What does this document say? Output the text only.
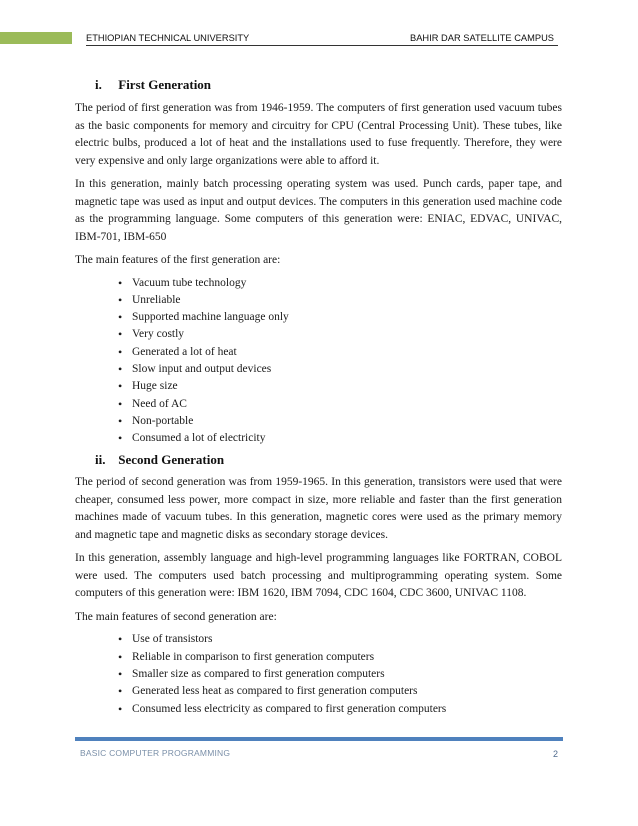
ETHIOPIAN TECHNICAL UNIVERSITY	BAHIR DAR SATELLITE CAMPUS
i. First Generation

The period of first generation was from 1946-1959. The computers of first generation used vacuum tubes as the basic components for memory and circuitry for CPU (Central Processing Unit). These tubes, like electric bulbs, produced a lot of heat and the installations used to fuse frequently. Therefore, they were very expensive and only large organizations were able to afford it.

In this generation, mainly batch processing operating system was used. Punch cards, paper tape, and magnetic tape was used as input and output devices. The computers in this generation used machine code as the programming language. Some computers of this generation were: ENIAC, EDVAC, UNIVAC, IBM-701, IBM-650

The main features of the first generation are:

• Vacuum tube technology
• Unreliable
• Supported machine language only
• Very costly
• Generated a lot of heat
• Slow input and output devices
• Huge size
• Need of AC
• Non-portable
• Consumed a lot of electricity
ii. Second Generation

The period of second generation was from 1959-1965. In this generation, transistors were used that were cheaper, consumed less power, more compact in size, more reliable and faster than the first generation machines made of vacuum tubes. In this generation, magnetic cores were used as the primary memory and magnetic tape and magnetic disks as secondary storage devices.

In this generation, assembly language and high-level programming languages like FORTRAN, COBOL were used. The computers used batch processing and multiprogramming operating system. Some computers of this generation were: IBM 1620, IBM 7094, CDC 1604, CDC 3600, UNIVAC 1108.

The main features of second generation are:

• Use of transistors
• Reliable in comparison to first generation computers
• Smaller size as compared to first generation computers
• Generated less heat as compared to first generation computers
• Consumed less electricity as compared to first generation computers
BASIC COMPUTER PROGRAMMING	2
